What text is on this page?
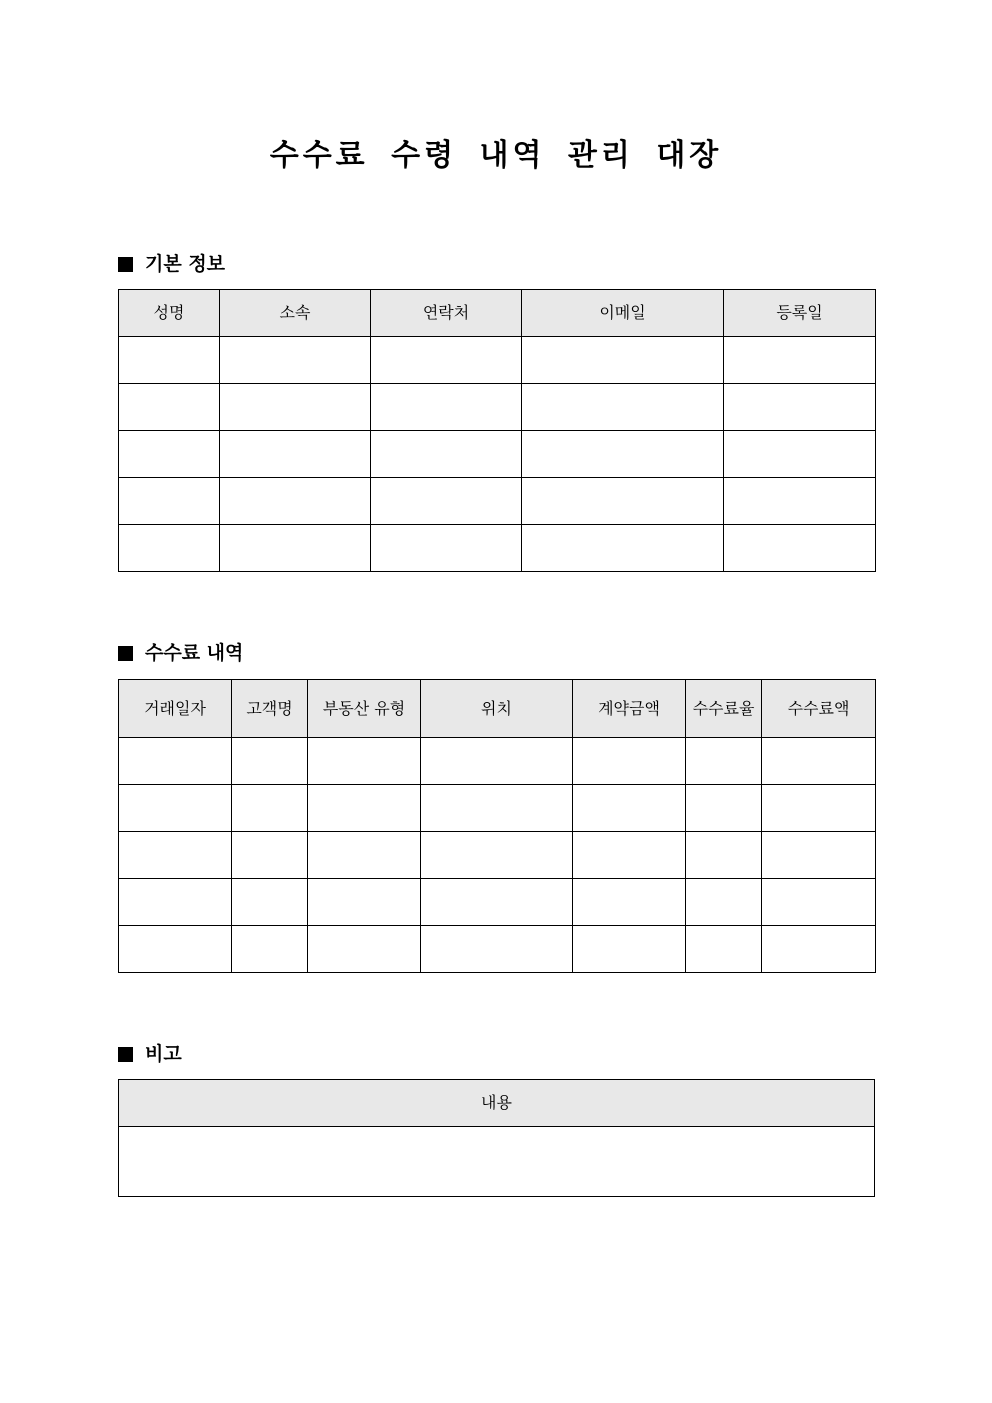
수수료 수령 내역 관리 대장
기본 정보
성명	소속	연락처	이메일	등록일

수수료 내역
거래일자	고객명	부동산 유형	위치	계약금액	수수료율	수수료액

비고
내용
